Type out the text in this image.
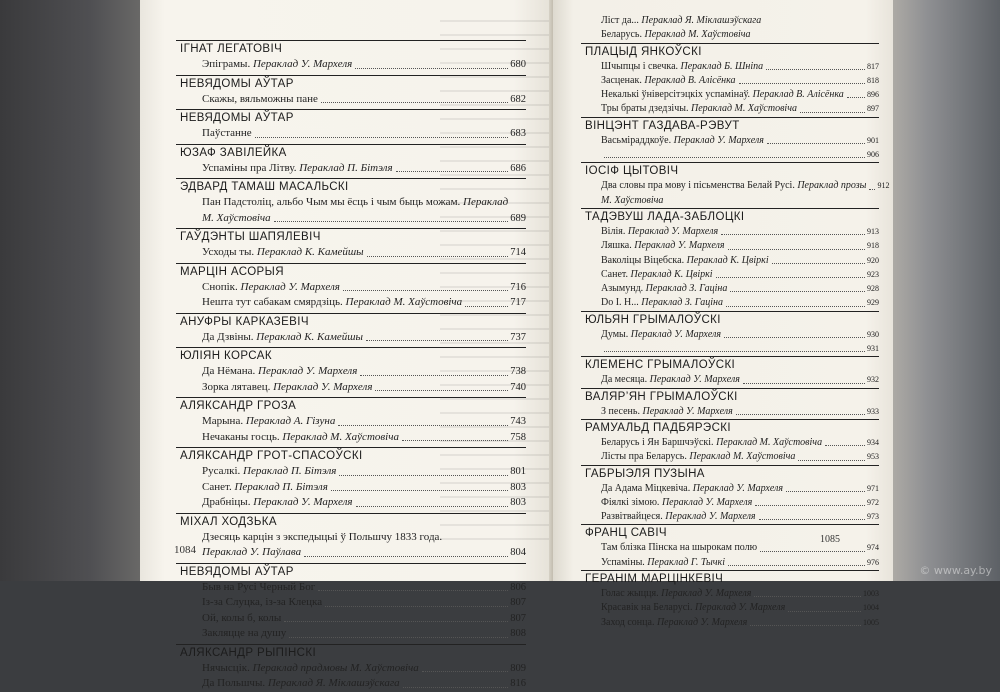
ІГНАТ ЛЕГАТОВІЧ
Эпіграмы. Пераклад У. Мархеля	680
НЕВЯДОМЫ АЎТАР
Скажы, вяльможны пане	682
НЕВЯДОМЫ АЎТАР
Паўстанне	683
ЮЗАФ ЗАВІЛЕЙКА
Успаміны пра Літву. Пераклад П. Бітэля	686
ЭДВАРД ТАМАШ МАСАЛЬСКІ
Пан Падстоліц, альбо Чым мы ёсць і чым быць можам. Пераклад
М. Хаўстовіча	689
ГАЎДЭНТЫ ШАПЯЛЕВІЧ
Усходы ты. Пераклад К. Камейшы	714
МАРЦІН АСОРЫЯ
Снопік. Пераклад У. Мархеля	716
Нешта тут сабакам смярдзіць. Пераклад М. Хаўстовіча	717
АНУФРЫ КАРКАЗЕВІЧ
Да Дзвіны. Пераклад К. Камейшы	737
ЮЛІЯН КОРСАК
Да Нёмана. Пераклад У. Мархеля	738
Зорка лятавец. Пераклад У. Мархеля	740
АЛЯКСАНДР ГРОЗА
Марына. Пераклад А. Гізуна	743
Нечаканы госць. Пераклад М. Хаўстовіча	758
АЛЯКСАНДР ГРОТ-СПАСОЎСКІ
Русалкі. Пераклад П. Бітэля	801
Санет. Пераклад П. Бітэля	803
Драбніцы. Пераклад У. Мархеля	803
МІХАЛ ХОДЗЬКА
Дзесяць карцін з экспедыцыі ў Польшчу 1833 года.
Пераклад У. Паўлава	804
НЕВЯДОМЫ АЎТАР
Быв на Русі Черный Бог	806
Із-за Слуцка, із-за Клецка	807
Ой, колы б, колы	807
Закляцце на душу	808
АЛЯКСАНДР РЫПІНСКІ
Нячысцік. Пераклад прадмовы М. Хаўстовіча	809
Да Польшчы. Пераклад Я. Міклашэўскага	816
1084
Ліст да... Пераклад Я. Міклашэўскага
Беларусь. Пераклад М. Хаўстовіча
ПЛАЦЫД ЯНКОЎСКІ
Шчыпцы і свечка. Пераклад Б. Шніпа	817
Засценак. Пераклад В. Алісёнка	818
Некалькі ўніверсітэцкіх успамінаў. Пераклад В. Алісёнка	896
Тры браты дзедзічы. Пераклад М. Хаўстовіча	897
ВІНЦЭНТ ГАЗДАВА-РЭВУТ
Васьміраддкоўе. Пераклад У. Мархеля	901
906
ІОСІФ ЦЫТОВІЧ
Два словы пра мову і пісьменства Белай Русі. Пераклад прозы 912
М. Хаўстовіча
ТАДЭВУШ ЛАДА-ЗАБЛОЦКІ
Вілія. Пераклад У. Мархеля	913
Ляшка. Пераклад У. Мархеля	918
Ваколіцы Віцебска. Пераклад К. Цвіркі	920
Санет. Пераклад К. Цвіркі	923
Азымунд. Пераклад З. Гаціна	928
Do I. Н... Пераклад З. Гаціна	929
ЮЛЬЯН ГРЫМАЛОЎСКІ
Думы. Пераклад У. Мархеля	930
931
КЛЕМЕНС ГРЫМАЛОЎСКІ
Да месяца. Пераклад У. Мархеля	932
ВАЛЯР’ЯН ГРЫМАЛОЎСКІ
З песень. Пераклад У. Мархеля	933
РАМУАЛЬД ПАДБЯРЭСКІ
Беларусь і Ян Баршчэўскі. Пераклад М. Хаўстовіча	934
Лісты пра Беларусь. Пераклад М. Хаўстовіча	953
ГАБРЫЭЛЯ ПУЗЫНА
Да Адама Міцкевіча. Пераклад У. Мархеля	971
Фіялкі зімою. Пераклад У. Мархеля	972
Развітвайцеся. Пераклад У. Мархеля	973
ФРАНЦ САВІЧ
Там блізка Пінска на шырокам полю	974
Успаміны. Пераклад Г. Тычкі	976
ГЕРАНІМ МАРЦІНКЕВІЧ
Голас жыцця. Пераклад У. Мархеля	1003
Красавік на Беларусі. Пераклад У. Мархеля	1004
Заход сонца. Пераклад У. Мархеля	1005
1085
© www.ay.by
